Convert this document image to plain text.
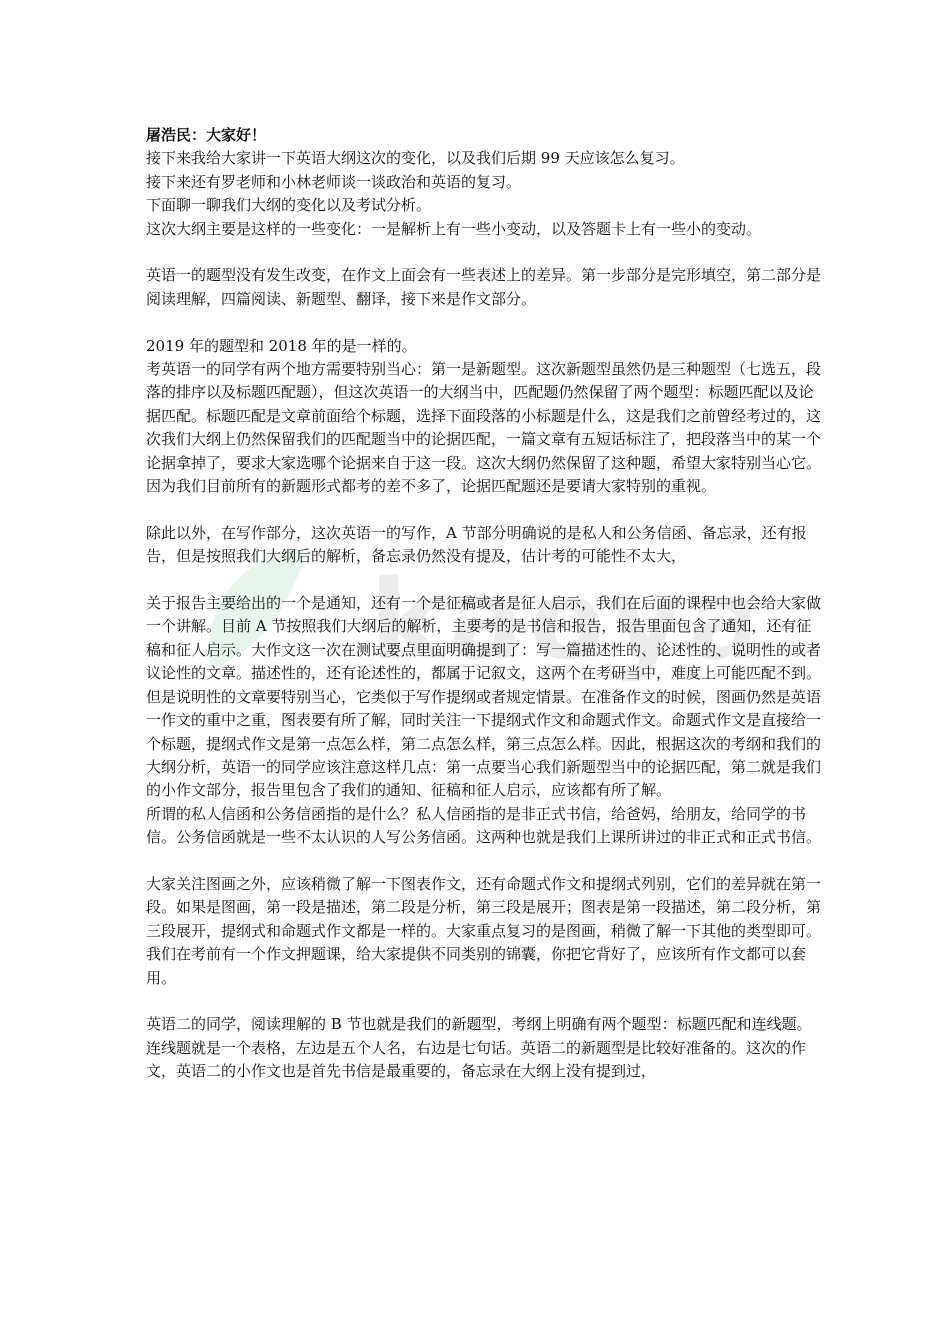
kaoya

屠浩民：大家好！

接下来我给大家讲一下英语大纲这次的变化，以及我们后期 99 天应该怎么复习。

接下来还有罗老师和小林老师谈一谈政治和英语的复习。

下面聊一聊我们大纲的变化以及考试分析。

这次大纲主要是这样的一些变化：一是解析上有一些小变动，以及答题卡上有一些小的变动。

英语一的题型没有发生改变，在作文上面会有一些表述上的差异。第一步部分是完形填空，第二部分是阅读理解，四篇阅读、新题型、翻译，接下来是作文部分。

2019 年的题型和 2018 年的是一样的。

考英语一的同学有两个地方需要特别当心：第一是新题型。这次新题型虽然仍是三种题型（七选五，段落的排序以及标题匹配题），但这次英语一的大纲当中，匹配题仍然保留了两个题型：标题匹配以及论据匹配。标题匹配是文章前面给个标题，选择下面段落的小标题是什么，这是我们之前曾经考过的，这次我们大纲上仍然保留我们的匹配题当中的论据匹配，一篇文章有五短话标注了，把段落当中的某一个论据拿掉了，要求大家选哪个论据来自于这一段。这次大纲仍然保留了这种题，希望大家特别当心它。因为我们目前所有的新题形式都考的差不多了，论据匹配题还是要请大家特别的重视。

除此以外，在写作部分，这次英语一的写作，A 节部分明确说的是私人和公务信函、备忘录，还有报告，但是按照我们大纲后的解析，备忘录仍然没有提及，估计考的可能性不太大，

关于报告主要给出的一个是通知，还有一个是征稿或者是征人启示，我们在后面的课程中也会给大家做一个讲解。目前 A 节按照我们大纲后的解析，主要考的是书信和报告，报告里面包含了通知，还有征稿和征人启示。大作文这一次在测试要点里面明确提到了：写一篇描述性的、论述性的、说明性的或者议论性的文章。描述性的，还有论述性的，都属于记叙文，这两个在考研当中，难度上可能匹配不到。但是说明性的文章要特别当心，它类似于写作提纲或者规定情景。在准备作文的时候，图画仍然是英语一作文的重中之重，图表要有所了解，同时关注一下提纲式作文和命题式作文。命题式作文是直接给一个标题，提纲式作文是第一点怎么样，第二点怎么样，第三点怎么样。因此，根据这次的考纲和我们的大纲分析，英语一的同学应该注意这样几点：第一点要当心我们新题型当中的论据匹配，第二就是我们的小作文部分，报告里包含了我们的通知、征稿和征人启示，应该都有所了解。

所谓的私人信函和公务信函指的是什么？私人信函指的是非正式书信，给爸妈，给朋友，给同学的书信。公务信函就是一些不太认识的人写公务信函。这两种也就是我们上课所讲过的非正式和正式书信。

大家关注图画之外，应该稍微了解一下图表作文，还有命题式作文和提纲式列别，它们的差异就在第一段。如果是图画，第一段是描述，第二段是分析，第三段是展开；图表是第一段描述，第二段分析，第三段展开，提纲式和命题式作文都是一样的。大家重点复习的是图画，稍微了解一下其他的类型即可。我们在考前有一个作文押题课，给大家提供不同类别的锦囊，你把它背好了，应该所有作文都可以套用。

英语二的同学，阅读理解的 B 节也就是我们的新题型，考纲上明确有两个题型：标题匹配和连线题。连线题就是一个表格，左边是五个人名，右边是七句话。英语二的新题型是比较好准备的。这次的作文，英语二的小作文也是首先书信是最重要的，备忘录在大纲上没有提到过，
